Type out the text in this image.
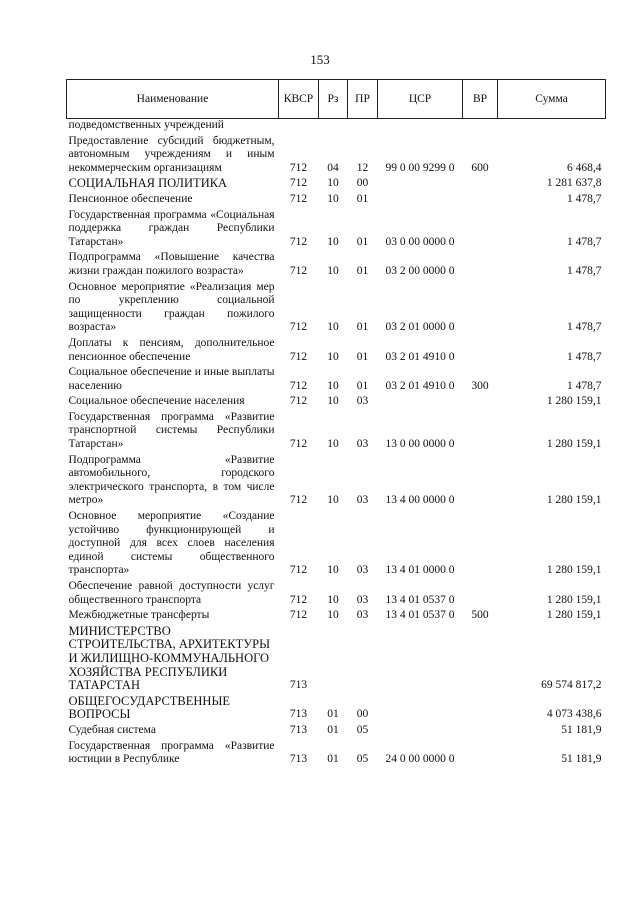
153
Наименование	КВСР	Рз	ПР	ЦСР	ВР	Сумма
подведомственных учреждений						
Предоставление субсидий бюджетным, автономным учреждениям и иным некоммерческим организациям	712	04	12	99 0 00 9299 0	600	6 468,4
СОЦИАЛЬНАЯ ПОЛИТИКА	712	10	00			1 281 637,8
Пенсионное обеспечение	712	10	01			1 478,7
Государственная программа «Социальная поддержка граждан Республики Татарстан»	712	10	01	03 0 00 0000 0		1 478,7
Подпрограмма «Повышение качества жизни граждан пожилого возраста»	712	10	01	03 2 00 0000 0		1 478,7
Основное мероприятие «Реализация мер по укреплению социальной защищенности граждан пожилого возраста»	712	10	01	03 2 01 0000 0		1 478,7
Доплаты к пенсиям, дополнительное пенсионное обеспечение	712	10	01	03 2 01 4910 0		1 478,7
Социальное обеспечение и иные выплаты населению	712	10	01	03 2 01 4910 0	300	1 478,7
Социальное обеспечение населения	712	10	03			1 280 159,1
Государственная программа «Развитие транспортной системы Республики Татарстан»	712	10	03	13 0 00 0000 0		1 280 159,1
Подпрограмма «Развитие автомобильного, городского электрического транспорта, в том числе метро»	712	10	03	13 4 00 0000 0		1 280 159,1
Основное мероприятие «Создание устойчиво функционирующей и доступной для всех слоев населения единой системы общественного транспорта»	712	10	03	13 4 01 0000 0		1 280 159,1
Обеспечение равной доступности услуг общественного транспорта	712	10	03	13 4 01 0537 0		1 280 159,1
Межбюджетные трансферты	712	10	03	13 4 01 0537 0	500	1 280 159,1
МИНИСТЕРСТВО СТРОИТЕЛЬСТВА, АРХИТЕКТУРЫ И ЖИЛИЩНО-КОММУНАЛЬНОГО ХОЗЯЙСТВА РЕСПУБЛИКИ ТАТАРСТАН	713					69 574 817,2
ОБЩЕГОСУДАРСТВЕННЫЕ ВОПРОСЫ	713	01	00			4 073 438,6
Судебная система	713	01	05			51 181,9
Государственная программа «Развитие юстиции в Республике	713	01	05	24 0 00 0000 0		51 181,9
